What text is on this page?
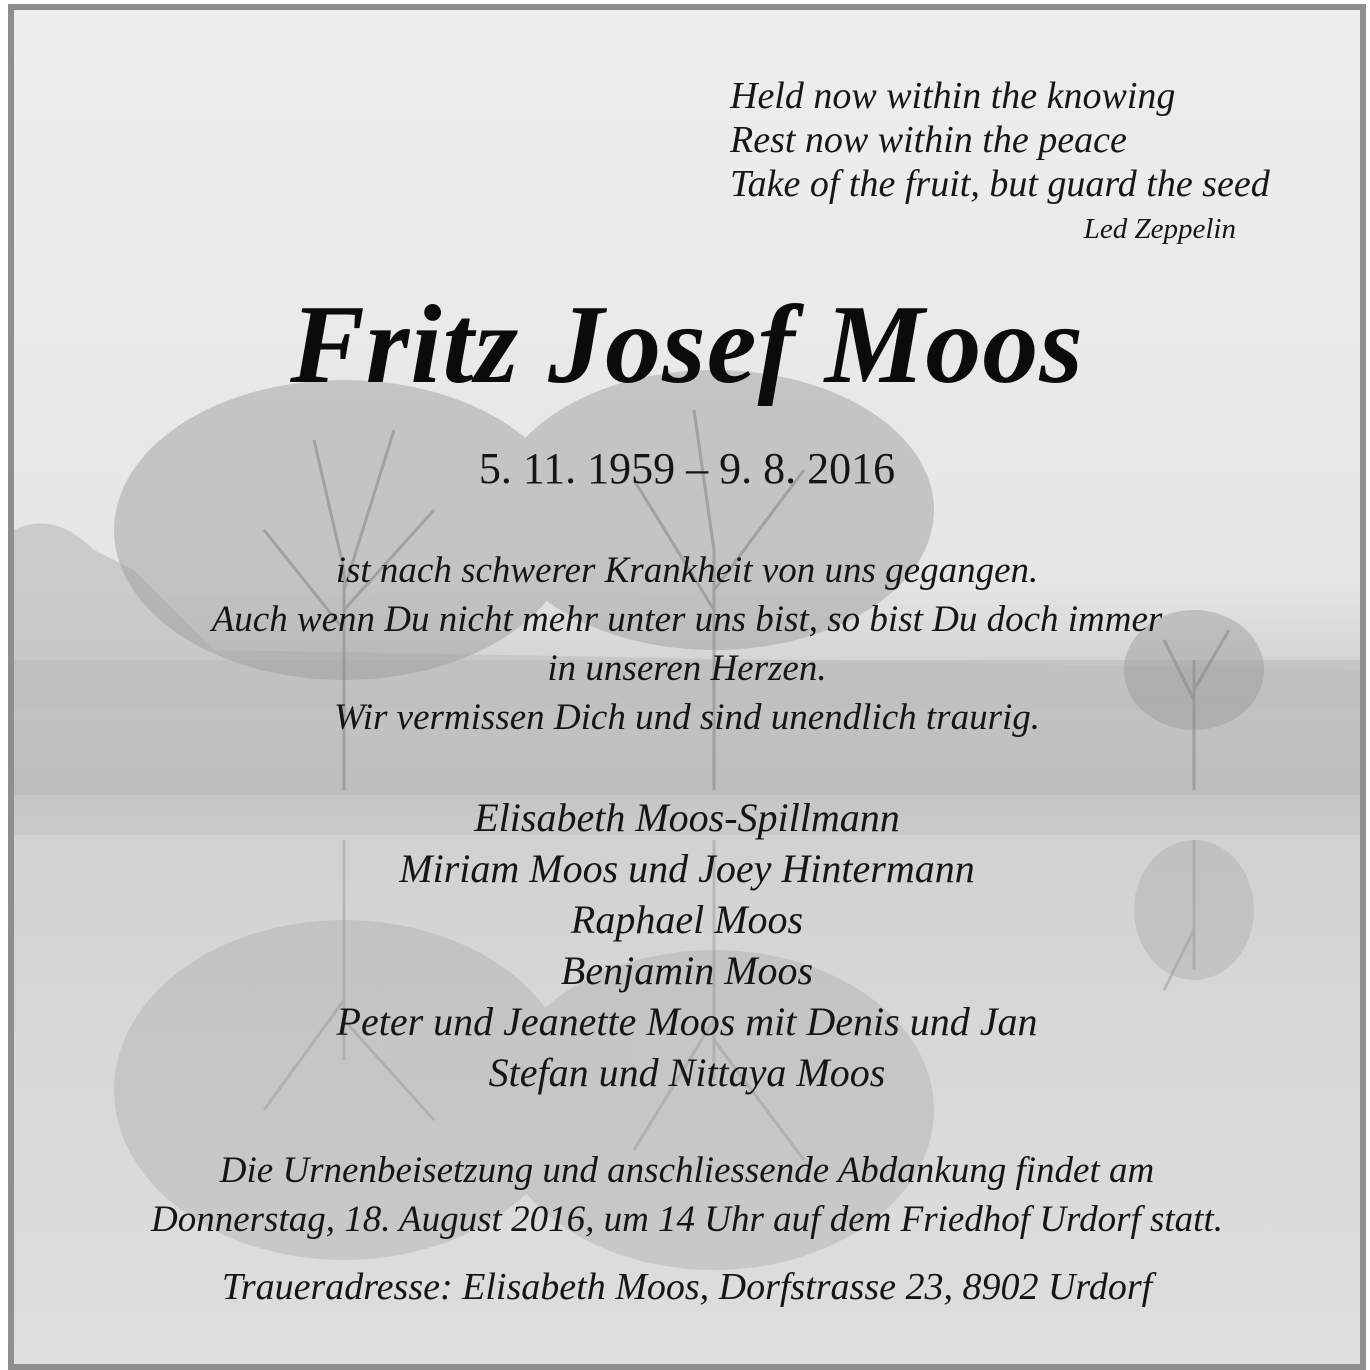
Held now within the knowing
Rest now within the peace
Take of the fruit, but guard the seed
Led Zeppelin
Fritz Josef Moos
5. 11. 1959 – 9. 8. 2016
ist nach schwerer Krankheit von uns gegangen.
Auch wenn Du nicht mehr unter uns bist, so bist Du doch immer
in unseren Herzen.
Wir vermissen Dich und sind unendlich traurig.
Elisabeth Moos-Spillmann
Miriam Moos und Joey Hintermann
Raphael Moos
Benjamin Moos
Peter und Jeanette Moos mit Denis und Jan
Stefan und Nittaya Moos
Die Urnenbeisetzung und anschliessende Abdankung findet am
Donnerstag, 18. August 2016, um 14 Uhr auf dem Friedhof Urdorf statt.
Traueradresse: Elisabeth Moos, Dorfstrasse 23, 8902 Urdorf
